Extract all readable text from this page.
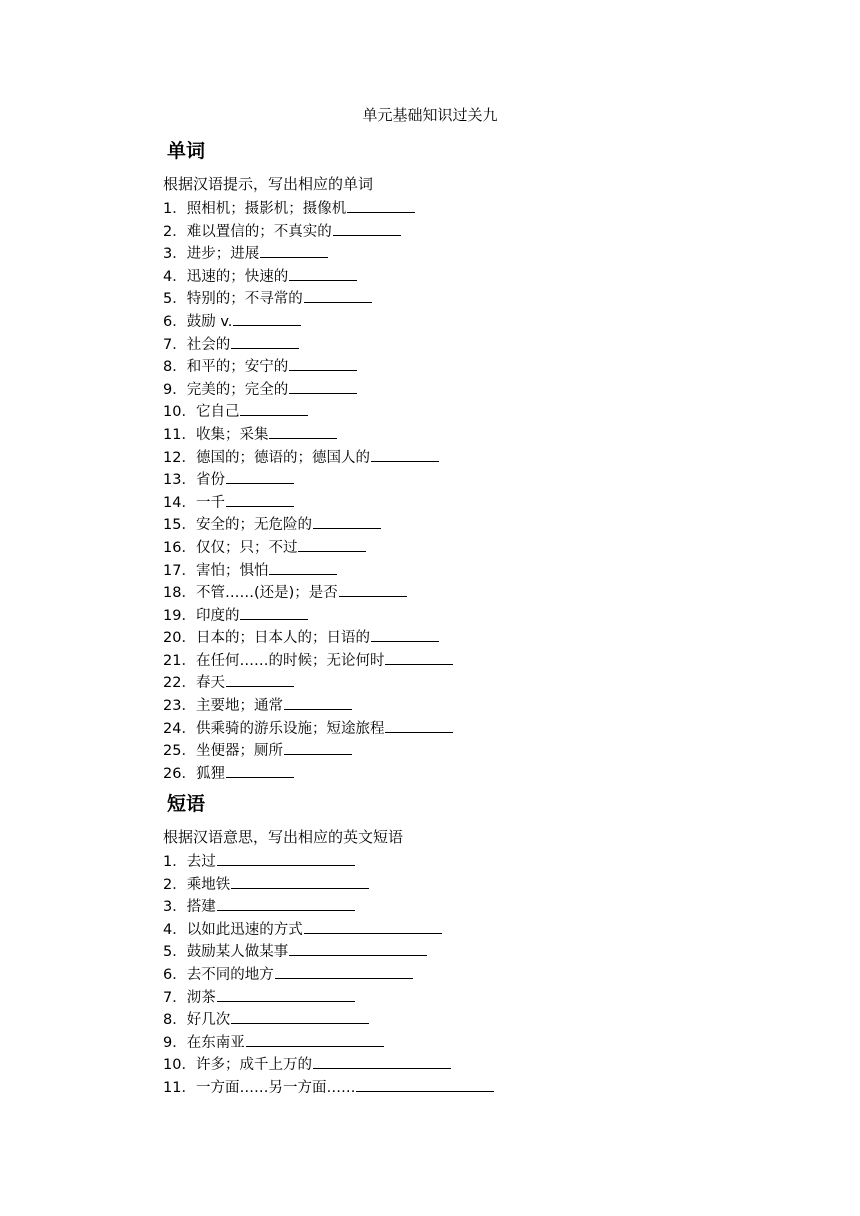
单元基础知识过关九
单词
根据汉语提示，写出相应的单词
1．照相机；摄影机；摄像机
2．难以置信的；不真实的
3．进步；进展
4．迅速的；快速的
5．特别的；不寻常的
6．鼓励 v.
7．社会的
8．和平的；安宁的
9．完美的；完全的
10．它自己
11．收集；采集
12．德国的；德语的；德国人的
13．省份
14．一千
15．安全的；无危险的
16．仅仅；只；不过
17．害怕；惧怕
18．不管……(还是)；是否
19．印度的
20．日本的；日本人的；日语的
21．在任何……的时候；无论何时
22．春天
23．主要地；通常
24．供乘骑的游乐设施；短途旅程
25．坐便器；厕所
26．狐狸
短语
根据汉语意思，写出相应的英文短语
1．去过
2．乘地铁
3．搭建
4．以如此迅速的方式
5．鼓励某人做某事
6．去不同的地方
7．沏茶
8．好几次
9．在东南亚
10．许多；成千上万的
11．一方面……另一方面……
